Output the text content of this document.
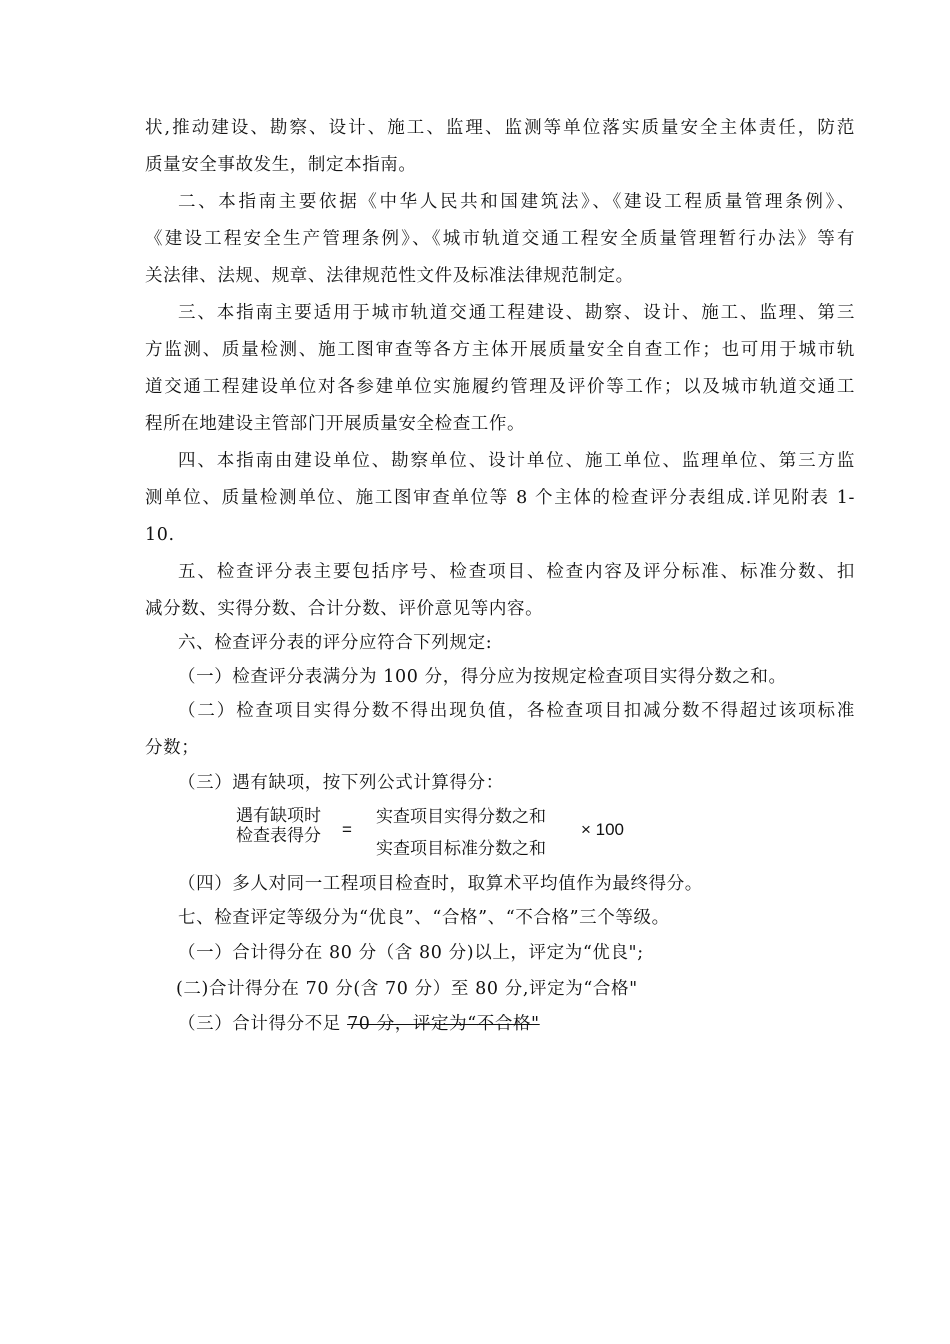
状,推动建设、勘察、设计、施工、监理、监测等单位落实质量安全主体责任，防范
质量安全事故发生，制定本指南。
二、本指南主要依据《中华人民共和国建筑法》、《建设工程质量管理条例》、
《建设工程安全生产管理条例》、《城市轨道交通工程安全质量管理暂行办法》等有
关法律、法规、规章、法律规范性文件及标准法律规范制定。
三、本指南主要适用于城市轨道交通工程建设、勘察、设计、施工、监理、第三
方监测、质量检测、施工图审查等各方主体开展质量安全自查工作；也可用于城市轨
道交通工程建设单位对各参建单位实施履约管理及评价等工作；以及城市轨道交通工
程所在地建设主管部门开展质量安全检查工作。
四、本指南由建设单位、勘察单位、设计单位、施工单位、监理单位、第三方监
测单位、质量检测单位、施工图审查单位等 8 个主体的检查评分表组成.详见附表 1-
10.
五、检查评分表主要包括序号、检查项目、检查内容及评分标准、标准分数、扣
减分数、实得分数、合计分数、评价意见等内容。
六、检查评分表的评分应符合下列规定:
（一）检查评分表满分为 100 分，得分应为按规定检查项目实得分数之和。
（二）检查项目实得分数不得出现负值，各检查项目扣减分数不得超过该项标准
分数；
（三）遇有缺项，按下列公式计算得分：
遇有缺项时
检查表得分 =
实查项目实得分数之和
实查项目标准分数之和
× 100
（四）多人对同一工程项目检查时，取算术平均值作为最终得分。
七、检查评定等级分为“优良”、“合格”、“不合格”三个等级。
（一）合计得分在 80 分（含 80 分)以上，评定为“优良";
(二)合计得分在 70 分(含 70 分）至 80 分,评定为“合格"
（三）合计得分不足 70 分，评定为“不合格"
